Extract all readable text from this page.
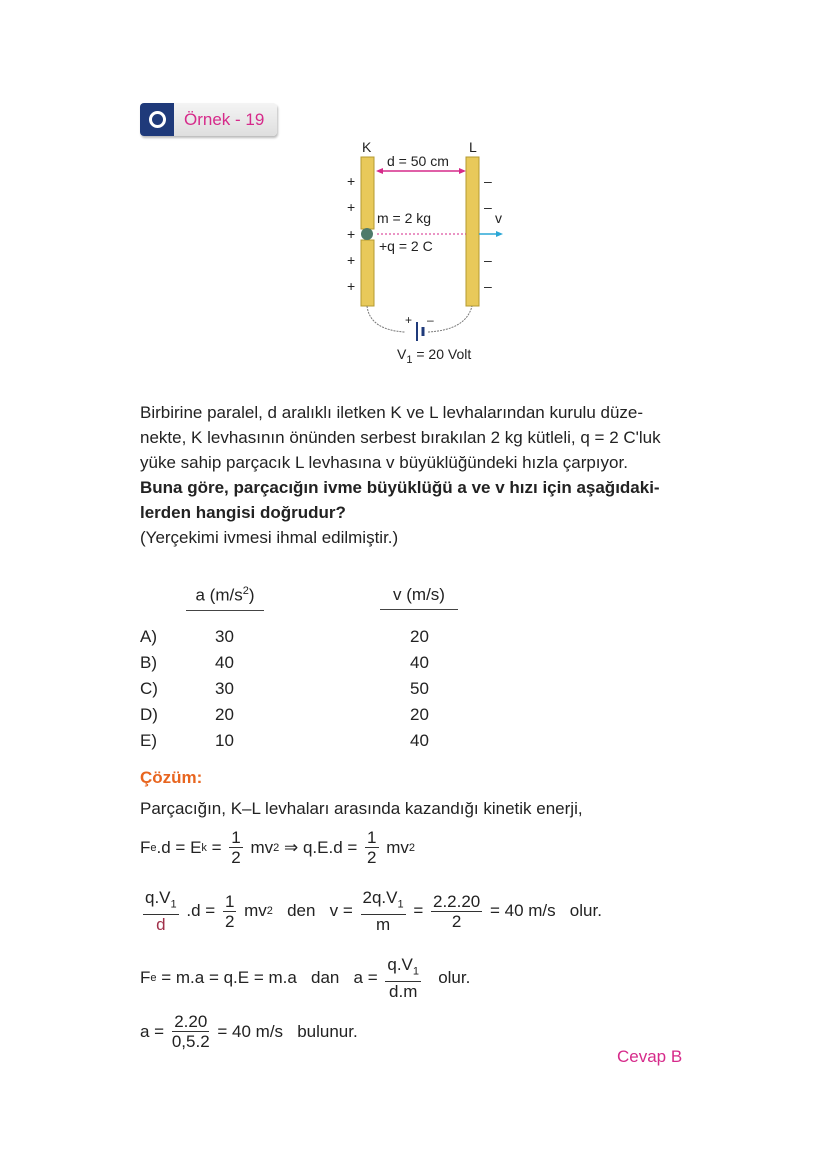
Örnek - 19
K	L
d = 50 cm
m = 2 kg
+q = 2 C
v
+
+
+
+
+
–
–
–
–
+ –
$V_1 = 20$ Volt
Birbirine paralel, d aralıklı iletken K ve L levhalarından kurulu düze-
nekte, K levhasının önünden serbest bırakılan 2 kg kütleli, q = 2 C'luk
yüke sahip parçacık L levhasına v büyüklüğündeki hızla çarpıyor.
Buna göre, parçacığın ivme büyüklüğü a ve v hızı için aşağıdaki-
lerden hangisi doğrudur?
(Yerçekimi ivmesi ihmal edilmiştir.)
a $(m/s^2)$	v (m/s)
A)	30	20
B)	40	40
C)	30	50
D)	20	20
E)	10	40
Çözüm:
Parçacığın, K–L levhaları arasında kazandığı kinetik enerji,
F e .d = E $k = \frac{1}{2}$ mv 2 ⇒ $q.E.d = \frac{1}{2}$ mv 2
$\frac{q.V_1}{d} .d = \frac{1}{2}$ mv 2 den   $v = \frac{2q.V_1}{m} = \frac{2.2.20}{2} = 40$ m/s   olur.
F e = m.a = q.E = m.a   dan   $a = \frac{q.V_1}{d.m}$ olur.
$a = \frac{2.20}{0,5.2} = 40$ m/s   bulunur.
Cevap B
